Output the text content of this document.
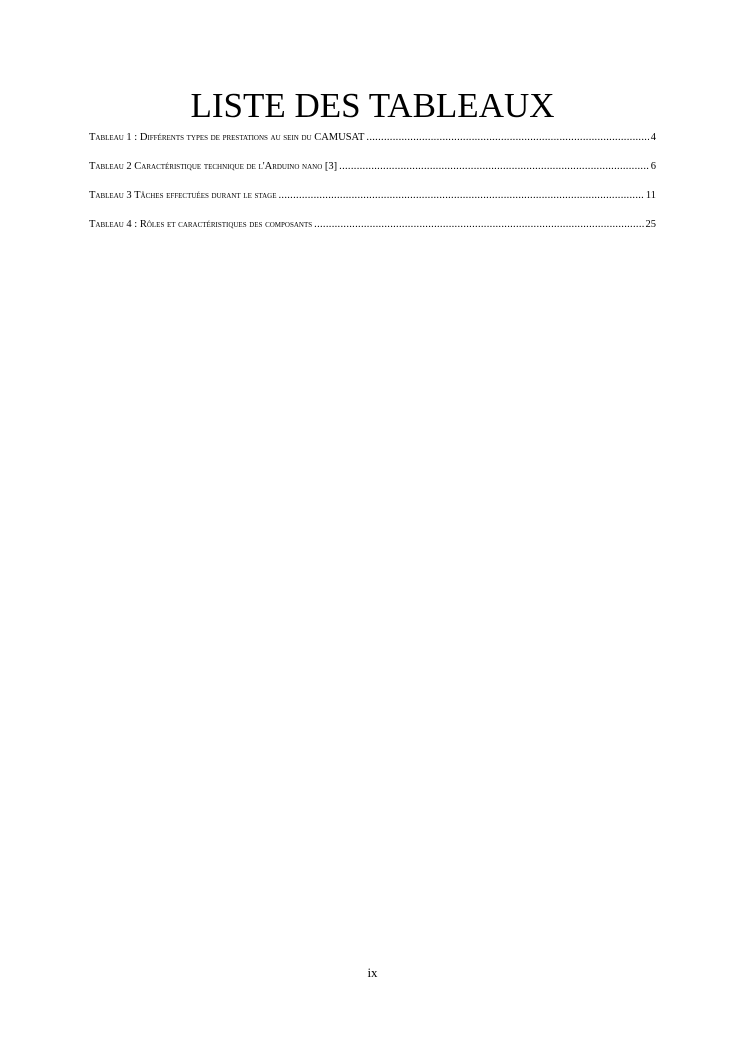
LISTE DES TABLEAUX
Tableau 1 : Différents types de prestations au sein du CAMUSAT .....	4
Tableau 2 Caractéristique technique de l'Arduino nano [3] .....	6
Tableau 3 Tâches effectuées durant le stage .....	11
Tableau 4 : Rôles et caractéristiques des composants .....	25
ix
